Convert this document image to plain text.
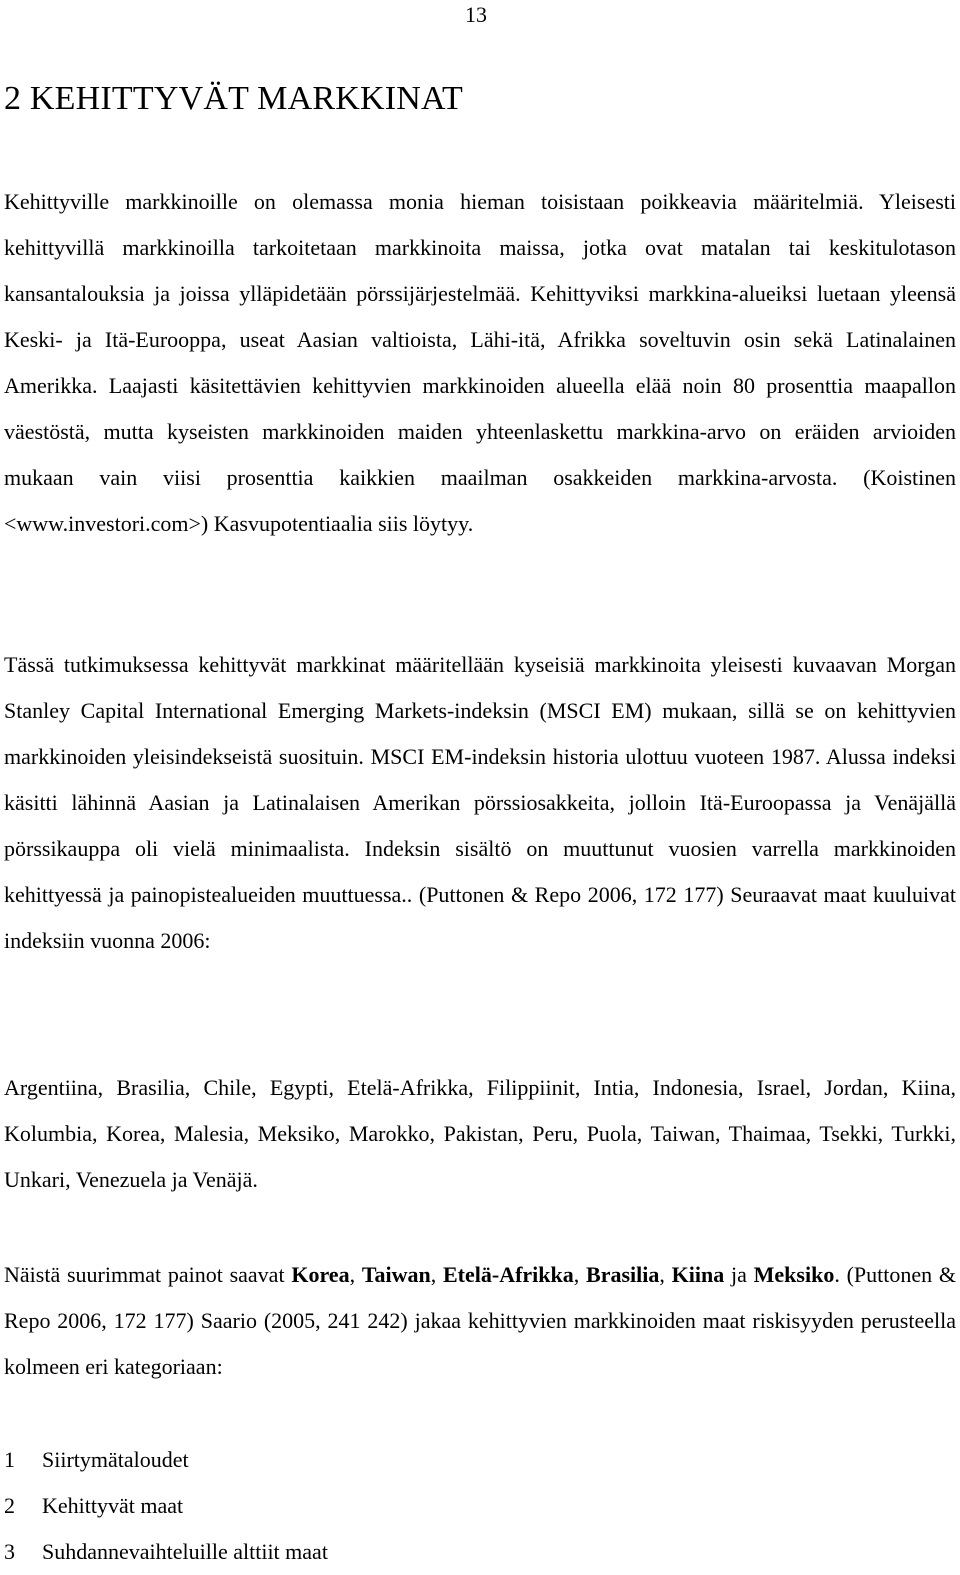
13
2 KEHITTYVÄT MARKKINAT

Kehittyville markkinoille on olemassa monia hieman toisistaan poikkeavia määritelmiä. Yleisesti kehittyvillä markkinoilla tarkoitetaan markkinoita maissa, jotka ovat matalan tai keskitulotason kansantalouksia ja joissa ylläpidetään pörssijärjestelmää. Kehittyviksi markkina-alueiksi luetaan yleensä Keski- ja Itä-Eurooppa, useat Aasian valtioista, Lähi-itä, Afrikka soveltuvin osin sekä Latinalainen Amerikka. Laajasti käsitettävien kehittyvien markkinoiden alueella elää noin 80 prosenttia maapallon väestöstä, mutta kyseisten markkinoiden maiden yhteenlaskettu markkina-arvo on eräiden arvioiden mukaan vain viisi prosenttia kaikkien maailman osakkeiden markkina-arvosta. (Koistinen <www.investori.com>) Kasvupotentiaalia siis löytyy.

Tässä tutkimuksessa kehittyvät markkinat määritellään kyseisiä markkinoita yleisesti kuvaavan Morgan Stanley Capital International Emerging Markets-indeksin (MSCI EM) mukaan, sillä se on kehittyvien markkinoiden yleisindekseistä suosituin. MSCI EM-indeksin historia ulottuu vuoteen 1987. Alussa indeksi käsitti lähinnä Aasian ja Latinalaisen Amerikan pörssiosakkeita, jolloin Itä-Euroopassa ja Venäjällä pörssikauppa oli vielä minimaalista. Indeksin sisältö on muuttunut vuosien varrella markkinoiden kehittyessä ja painopistealueiden muuttuessa.. (Puttonen & Repo 2006, 172 177) Seuraavat maat kuuluivat indeksiin vuonna 2006:

Argentiina, Brasilia, Chile, Egypti, Etelä-Afrikka, Filippiinit, Intia, Indonesia, Israel, Jordan, Kiina, Kolumbia, Korea, Malesia, Meksiko, Marokko, Pakistan, Peru, Puola, Taiwan, Thaimaa, Tsekki, Turkki, Unkari, Venezuela ja Venäjä.

Näistä suurimmat painot saavat Korea, Taiwan, Etelä-Afrikka, Brasilia, Kiina ja Meksiko. (Puttonen & Repo 2006, 172 177) Saario (2005, 241 242) jakaa kehittyvien markkinoiden maat riskisyyden perusteella kolmeen eri kategoriaan:

1 Siirtymätaloudet
2 Kehittyvät maat
3 Suhdannevaihteluille alttiit maat
